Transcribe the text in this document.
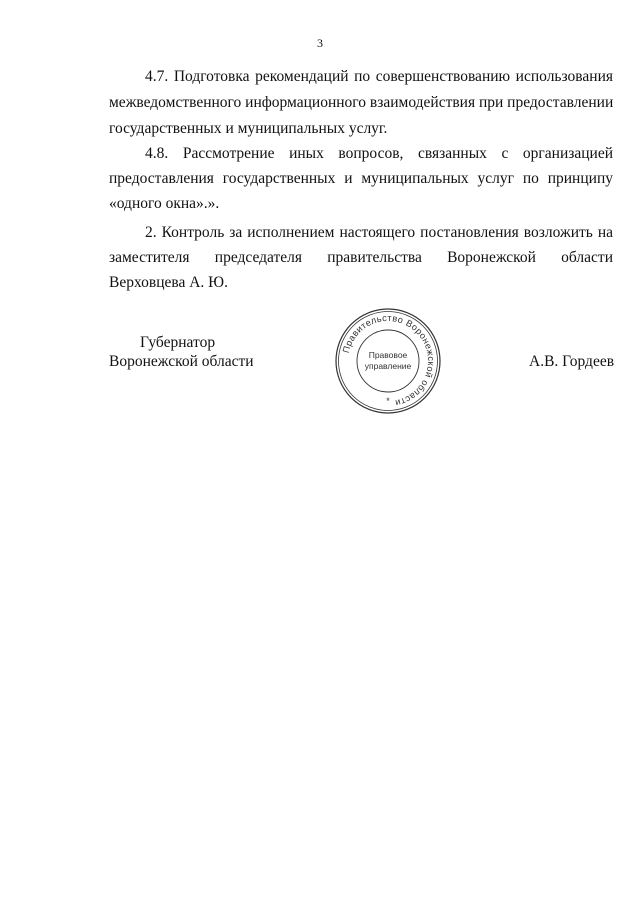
3
4.7. Подготовка рекомендаций по совершенствованию использования
межведомственного информационного взаимодействия при предоставлении
государственных и муниципальных услуг.
4.8. Рассмотрение иных вопросов, связанных с организацией
предоставления государственных и муниципальных услуг по принципу
«одного окна».».
2. Контроль за исполнением настоящего постановления возложить на
заместителя председателя правительства Воронежской области
Верховцева А. Ю.
Губернатор
Воронежской области	А.В. Гордеев
Правительство Воронежской области
Правовое
управление
*
